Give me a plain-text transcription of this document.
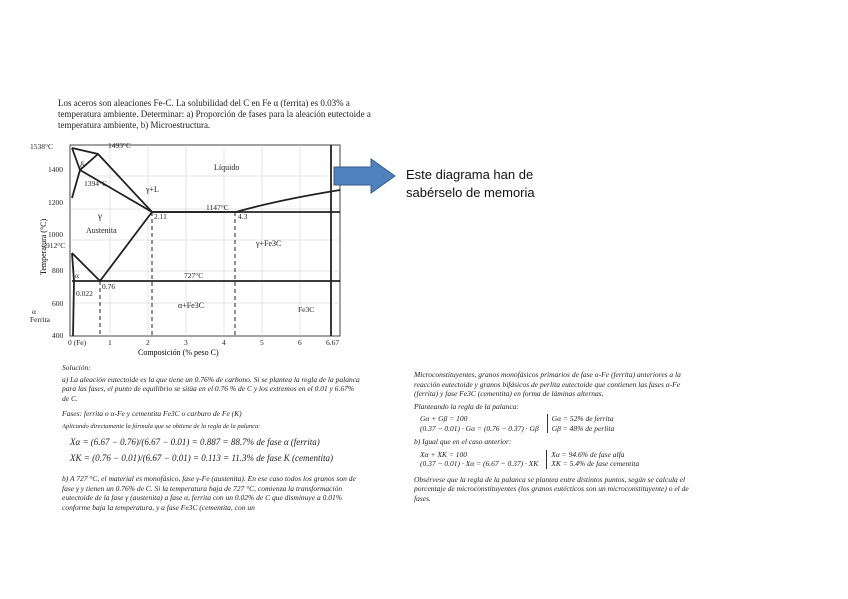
Los aceros son aleaciones Fe-C. La solubilidad del C en Fe α (ferrita) es 0.03% a temperatura ambiente. Determinar: a) Proporción de fases para la aleación eutectoide a temperatura ambiente, b) Microestructura.
1538°C
1400
1200
1000
800
600
400
0 (Fe)	1	2	3	4	5	6	6.67
Composición (% peso C)
Temperatura (°C)
1493°C
1394°C
δ	Líquido
γ+L
1147°C
2.11	4.3
γ
Austenita
912°C	γ+Fe3C
α	727°C
0.76
0.022
α+Fe3C	Fe3C
α
Ferrita
Este diagrama han de sabérselo de memoria
Solución:
a) La aleación eutectoide es la que tiene un 0.76% de carbono. Si se plantea la regla de la palanca para las fases, el punto de equilibrio se sitúa en el 0.76 % de C y los extremos en el 0.01 y 6.67% de C.
Fases: ferrita o α-Fe y cementita Fe3C o carburo de Fe (K)
Aplicando directamente la fórmula que se obtiene de la regla de la palanca:
Xα = (6.67 − 0.76)/(6.67 − 0.01) = 0.887 = 88.7% de fase α (ferrita)
XK = (0.76 − 0.01)/(6.67 − 0.01) = 0.113 = 11.3% de fase K (cementita)
b) A 727 °C, el material es monofásico, fase γ-Fe (austenita). En ese caso todos los granos son de fase γ y tienen un 0.76% de C. Si la temperatura baja de 727 °C, comienza la transformación eutectoide de la fase γ (austenita) a fase α, ferrita con un 0.02% de C que disminuye a 0.01% conforme baja la temperatura, y a fase Fe3C (cementita, con un
Microconstituyentes, granos monofásicos primarios de fase α-Fe (ferrita) anteriores a la reacción eutectoide y granos bifásicos de perlita eutectoide que contienen las fases α-Fe (ferrita) y fase Fe3C (cementita) en forma de láminas alternas.
Planteando la regla de la palanca:
Gα + Gβ = 100
(0.37 − 0.01) · Gα = (0.76 − 0.37) · Gβ
Gα = 52% de ferrita
Gβ = 48% de perlita
b) Igual que en el caso anterior:
Xα + XK = 100
(0.37 − 0.01) · Xα = (6.67 − 0.37) · XK
Xα = 94.6% de fase alfa
XK = 5.4% de fase cementita
Obsérvese que la regla de la palanca se plantea entre distintos puntos, según se calcula el porcentaje de microconstituyentes (los granos eutécticos son un microconstituyente) o el de fases.
